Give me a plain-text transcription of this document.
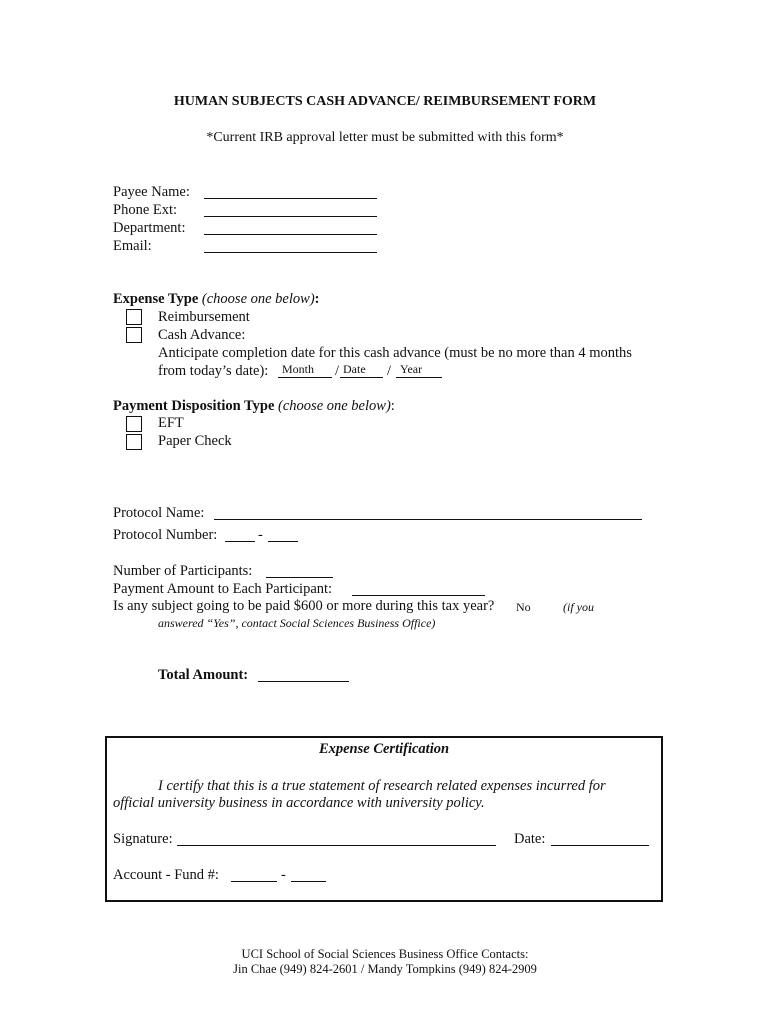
HUMAN SUBJECTS CASH ADVANCE/ REIMBURSEMENT FORM
*Current IRB approval letter must be submitted with this form*
Payee Name:
Phone Ext:
Department:
Email:
Expense Type (choose one below):
Reimbursement
Cash Advance:
Anticipate completion date for this cash advance (must be no more than 4 months
from today’s date): Month / Date / Year
Payment Disposition Type (choose one below):
EFT
Paper Check
Protocol Name:
Protocol Number:	-
Number of Participants:
Payment Amount to Each Participant:
Is any subject going to be paid $600 or more during this tax year? No	(if you
answered “Yes”, contact Social Sciences Business Office)
Total Amount:
Expense Certification
I certify that this is a true statement of research related expenses incurred for
official university business in accordance with university policy.
Signature:	Date:
Account - Fund #:	-
UCI School of Social Sciences Business Office Contacts:
Jin Chae (949) 824-2601 / Mandy Tompkins (949) 824-2909
